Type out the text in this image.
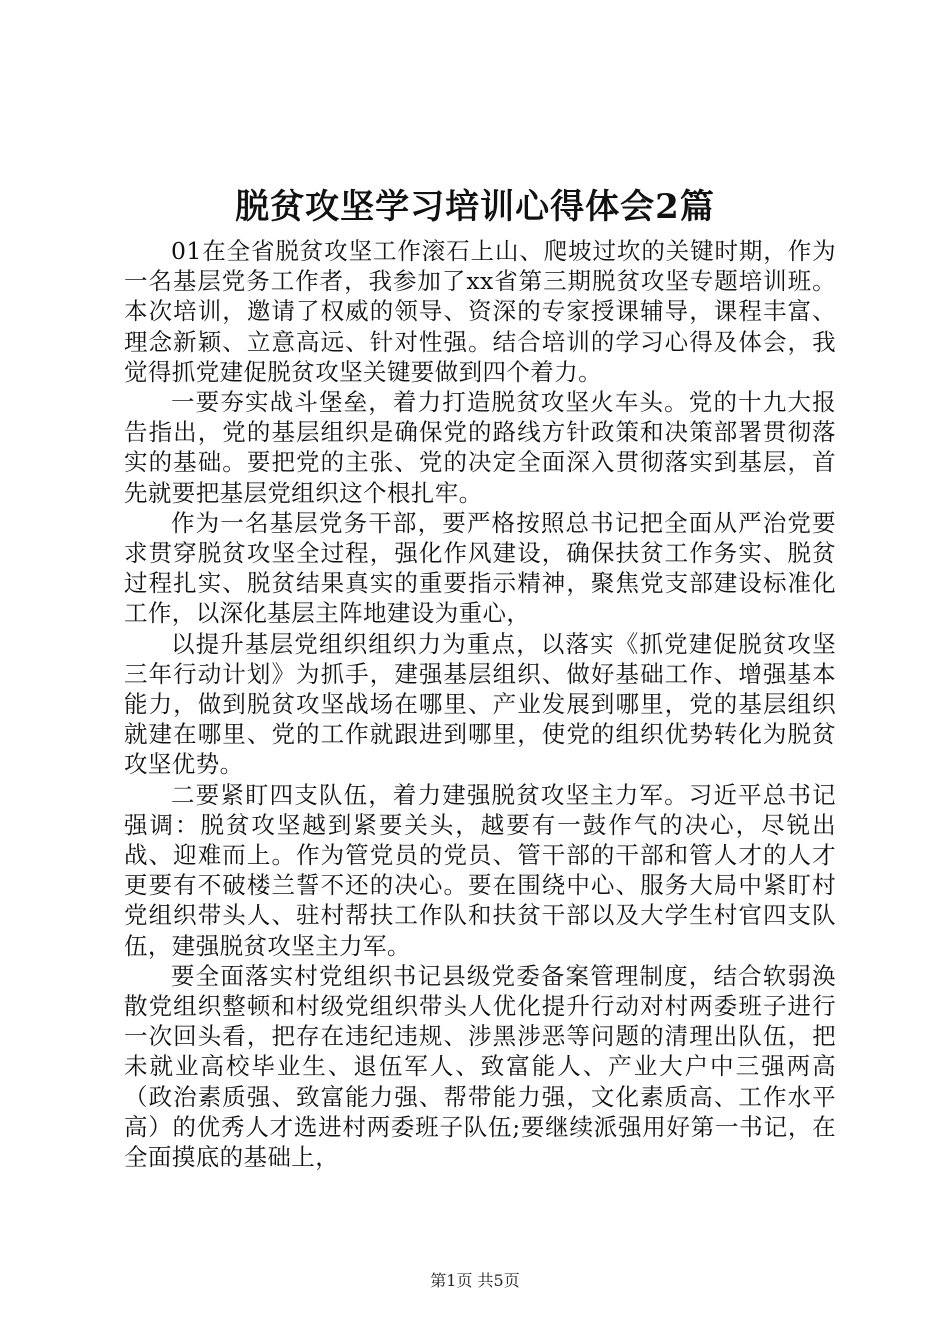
脱贫攻坚学习培训心得体会2篇

01在全省脱贫攻坚工作滚石上山、爬坡过坎的关键时期，作为一名基层党务工作者，我参加了xx省第三期脱贫攻坚专题培训班。本次培训，邀请了权威的领导、资深的专家授课辅导，课程丰富、理念新颖、立意高远、针对性强。结合培训的学习心得及体会，我觉得抓党建促脱贫攻坚关键要做到四个着力。

一要夯实战斗堡垒，着力打造脱贫攻坚火车头。党的十九大报告指出，党的基层组织是确保党的路线方针政策和决策部署贯彻落实的基础。要把党的主张、党的决定全面深入贯彻落实到基层，首先就要把基层党组织这个根扎牢。

作为一名基层党务干部，要严格按照总书记把全面从严治党要求贯穿脱贫攻坚全过程，强化作风建设，确保扶贫工作务实、脱贫过程扎实、脱贫结果真实的重要指示精神，聚焦党支部建设标准化工作，以深化基层主阵地建设为重心，

以提升基层党组织组织力为重点，以落实《抓党建促脱贫攻坚三年行动计划》为抓手，建强基层组织、做好基础工作、增强基本能力，做到脱贫攻坚战场在哪里、产业发展到哪里，党的基层组织就建在哪里、党的工作就跟进到哪里，使党的组织优势转化为脱贫攻坚优势。

二要紧盯四支队伍，着力建强脱贫攻坚主力军。习近平总书记强调：脱贫攻坚越到紧要关头，越要有一鼓作气的决心，尽锐出战、迎难而上。作为管党员的党员、管干部的干部和管人才的人才更要有不破楼兰誓不还的决心。要在围绕中心、服务大局中紧盯村党组织带头人、驻村帮扶工作队和扶贫干部以及大学生村官四支队伍，建强脱贫攻坚主力军。

要全面落实村党组织书记县级党委备案管理制度，结合软弱涣散党组织整顿和村级党组织带头人优化提升行动对村两委班子进行一次回头看，把存在违纪违规、涉黑涉恶等问题的清理出队伍，把未就业高校毕业生、退伍军人、致富能人、产业大户中三强两高（政治素质强、致富能力强、帮带能力强，文化素质高、工作水平高）的优秀人才选进村两委班子队伍;要继续派强用好第一书记，在全面摸底的基础上，

第1页 共5页
